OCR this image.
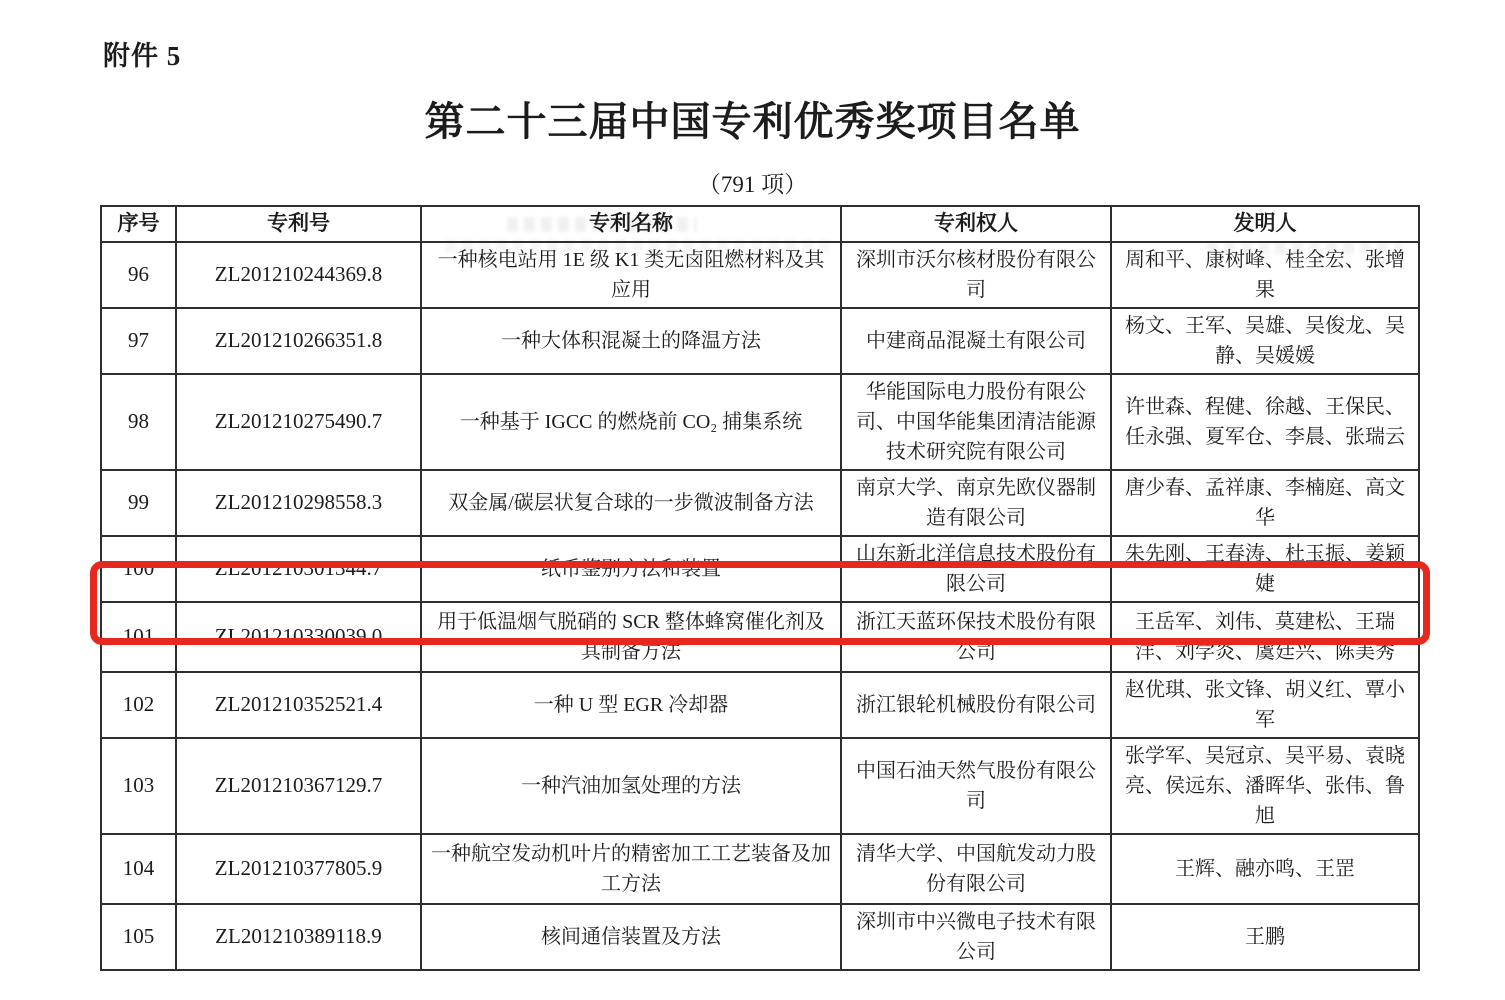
附件 5
第二十三届中国专利优秀奖项目名单
（791 项）
序号	专利号	专利名称	专利权人	发明人
96	ZL201210244369.8	一种核电站用 1E 级 K1 类无卤阻燃材料及其应用	深圳市沃尔核材股份有限公司	周和平、康树峰、桂全宏、张增果
97	ZL201210266351.8	一种大体积混凝土的降温方法	中建商品混凝土有限公司	杨文、王军、吴雄、吴俊龙、吴静、吴媛媛
98	ZL201210275490.7	一种基于 IGCC 的燃烧前 CO₂ 捕集系统	华能国际电力股份有限公司、中国华能集团清洁能源技术研究院有限公司	许世森、程健、徐越、王保民、任永强、夏军仓、李晨、张瑞云
99	ZL201210298558.3	双金属/碳层状复合球的一步微波制备方法	南京大学、南京先欧仪器制造有限公司	唐少春、孟祥康、李楠庭、高文华
100	ZL201210301344.7	纸币鉴别方法和装置	山东新北洋信息技术股份有限公司	朱先刚、王春涛、杜玉振、姜颖婕
101	ZL201210330039.0	用于低温烟气脱硝的 SCR 整体蜂窝催化剂及其制备方法	浙江天蓝环保技术股份有限公司	王岳军、刘伟、莫建松、王瑞洋、刘学炎、虞廷兴、陈美秀
102	ZL201210352521.4	一种 U 型 EGR 冷却器	浙江银轮机械股份有限公司	赵优琪、张文锋、胡义红、覃小军
103	ZL201210367129.7	一种汽油加氢处理的方法	中国石油天然气股份有限公司	张学军、吴冠京、吴平易、袁晓亮、侯远东、潘晖华、张伟、鲁旭
104	ZL201210377805.9	一种航空发动机叶片的精密加工工艺装备及加工方法	清华大学、中国航发动力股份有限公司	王辉、融亦鸣、王罡
105	ZL201210389118.9	核间通信装置及方法	深圳市中兴微电子技术有限公司	王鹏
